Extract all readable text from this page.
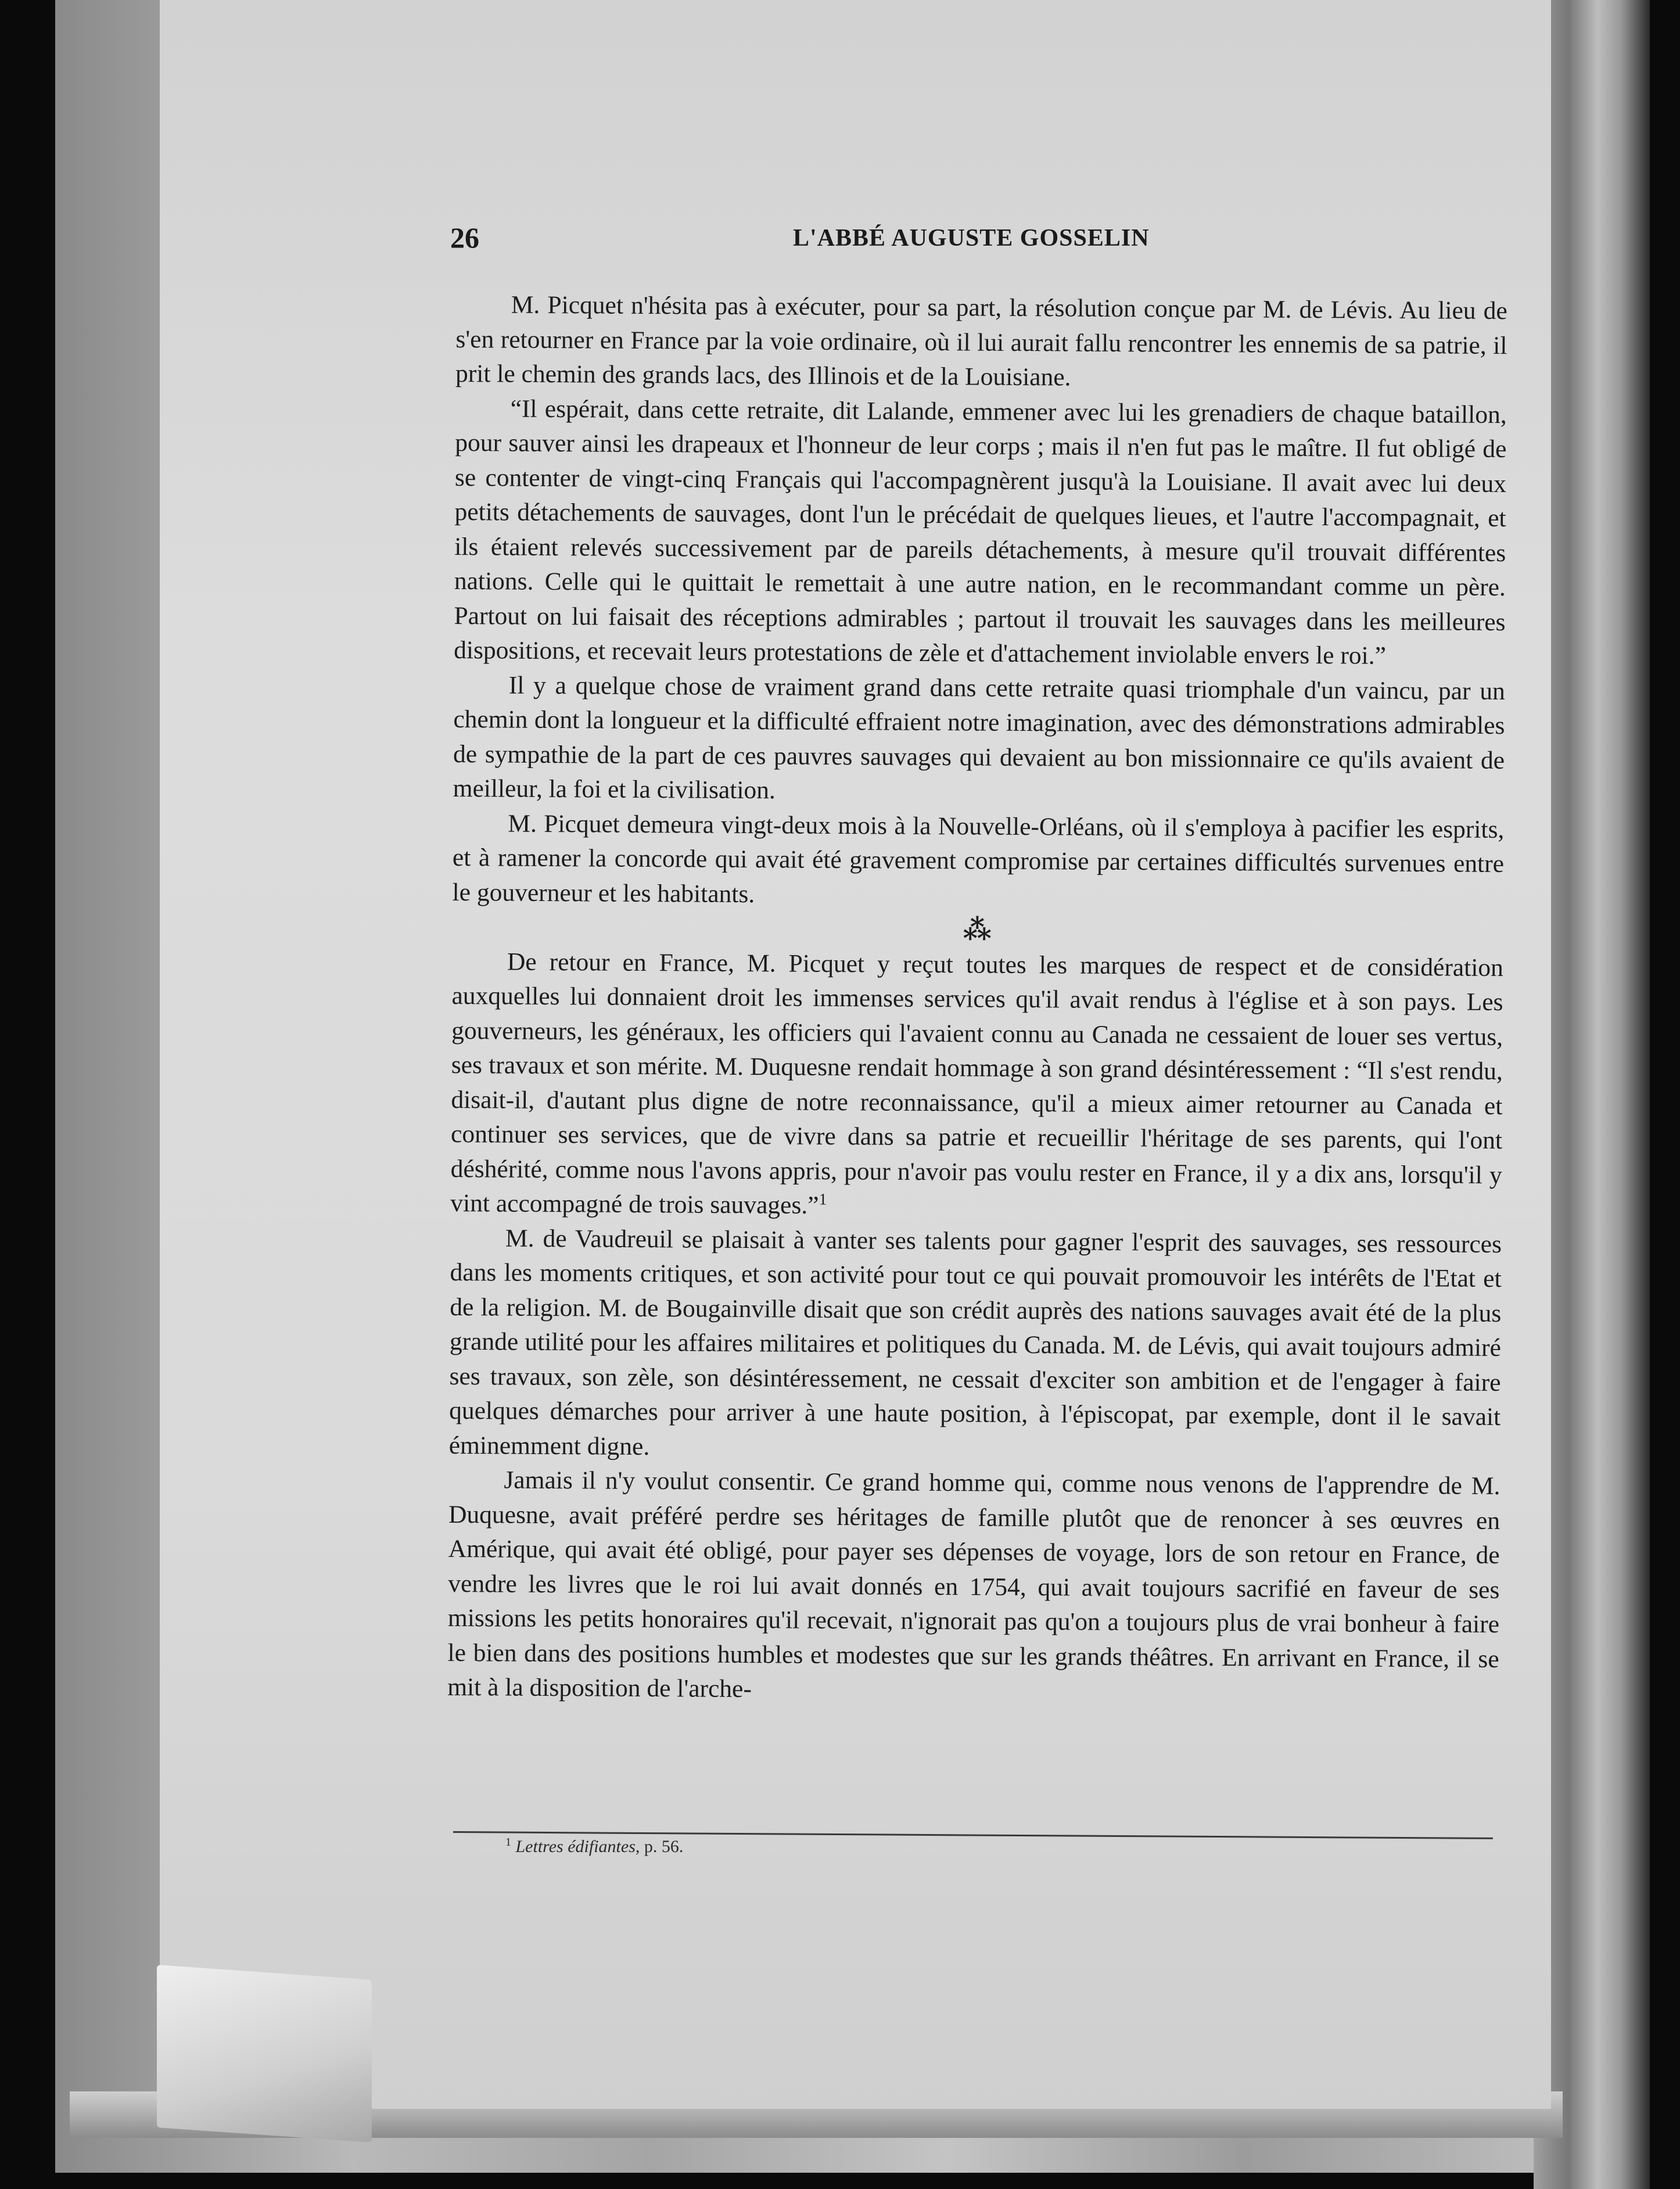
26	L'ABBÉ AUGUSTE GOSSELIN

M. Picquet n'hésita pas à exécuter, pour sa part, la résolution conçue par M. de Lévis. Au lieu de s'en retourner en France par la voie ordinaire, où il lui aurait fallu rencontrer les ennemis de sa patrie, il prit le chemin des grands lacs, des Illinois et de la Louisiane.

“Il espérait, dans cette retraite, dit Lalande, emmener avec lui les grenadiers de chaque bataillon, pour sauver ainsi les drapeaux et l'honneur de leur corps ; mais il n'en fut pas le maître. Il fut obligé de se contenter de vingt-cinq Français qui l'accompagnèrent jusqu'à la Louisiane. Il avait avec lui deux petits détachements de sauvages, dont l'un le précédait de quelques lieues, et l'autre l'accompagnait, et ils étaient relevés successivement par de pareils détachements, à mesure qu'il trouvait différentes nations. Celle qui le quittait le remettait à une autre nation, en le recommandant comme un père. Partout on lui faisait des réceptions admirables ; partout il trouvait les sauvages dans les meilleures dispositions, et recevait leurs protestations de zèle et d'attachement inviolable envers le roi.”

Il y a quelque chose de vraiment grand dans cette retraite quasi triomphale d'un vaincu, par un chemin dont la longueur et la difficulté effraient notre imagination, avec des démonstrations admirables de sympathie de la part de ces pauvres sauvages qui devaient au bon missionnaire ce qu'ils avaient de meilleur, la foi et la civilisation.

M. Picquet demeura vingt-deux mois à la Nouvelle-Orléans, où il s'employa à pacifier les esprits, et à ramener la concorde qui avait été gravement compromise par certaines difficultés survenues entre le gouverneur et les habitants.

⁂

De retour en France, M. Picquet y reçut toutes les marques de respect et de considération auxquelles lui donnaient droit les immenses services qu'il avait rendus à l'église et à son pays. Les gouverneurs, les généraux, les officiers qui l'avaient connu au Canada ne cessaient de louer ses vertus, ses travaux et son mérite. M. Duquesne rendait hommage à son grand désintéressement : “Il s'est rendu, disait-il, d'autant plus digne de notre reconnaissance, qu'il a mieux aimer retourner au Canada et continuer ses services, que de vivre dans sa patrie et recueillir l'héritage de ses parents, qui l'ont déshérité, comme nous l'avons appris, pour n'avoir pas voulu rester en France, il y a dix ans, lorsqu'il y vint accompagné de trois sauvages.”$^1$

M. de Vaudreuil se plaisait à vanter ses talents pour gagner l'esprit des sauvages, ses ressources dans les moments critiques, et son activité pour tout ce qui pouvait promouvoir les intérêts de l'Etat et de la religion. M. de Bougainville disait que son crédit auprès des nations sauvages avait été de la plus grande utilité pour les affaires militaires et politiques du Canada. M. de Lévis, qui avait toujours admiré ses travaux, son zèle, son désintéressement, ne cessait d'exciter son ambition et de l'engager à faire quelques démarches pour arriver à une haute position, à l'épiscopat, par exemple, dont il le savait éminemment digne.

Jamais il n'y voulut consentir. Ce grand homme qui, comme nous venons de l'apprendre de M. Duquesne, avait préféré perdre ses héritages de famille plutôt que de renoncer à ses œuvres en Amérique, qui avait été obligé, pour payer ses dépenses de voyage, lors de son retour en France, de vendre les livres que le roi lui avait donnés en 1754, qui avait toujours sacrifié en faveur de ses missions les petits honoraires qu'il recevait, n'ignorait pas qu'on a toujours plus de vrai bonheur à faire le bien dans des positions humbles et modestes que sur les grands théâtres. En arrivant en France, il se mit à la disposition de l'arche-

$^1$ Lettres édifiantes, p. 56.
